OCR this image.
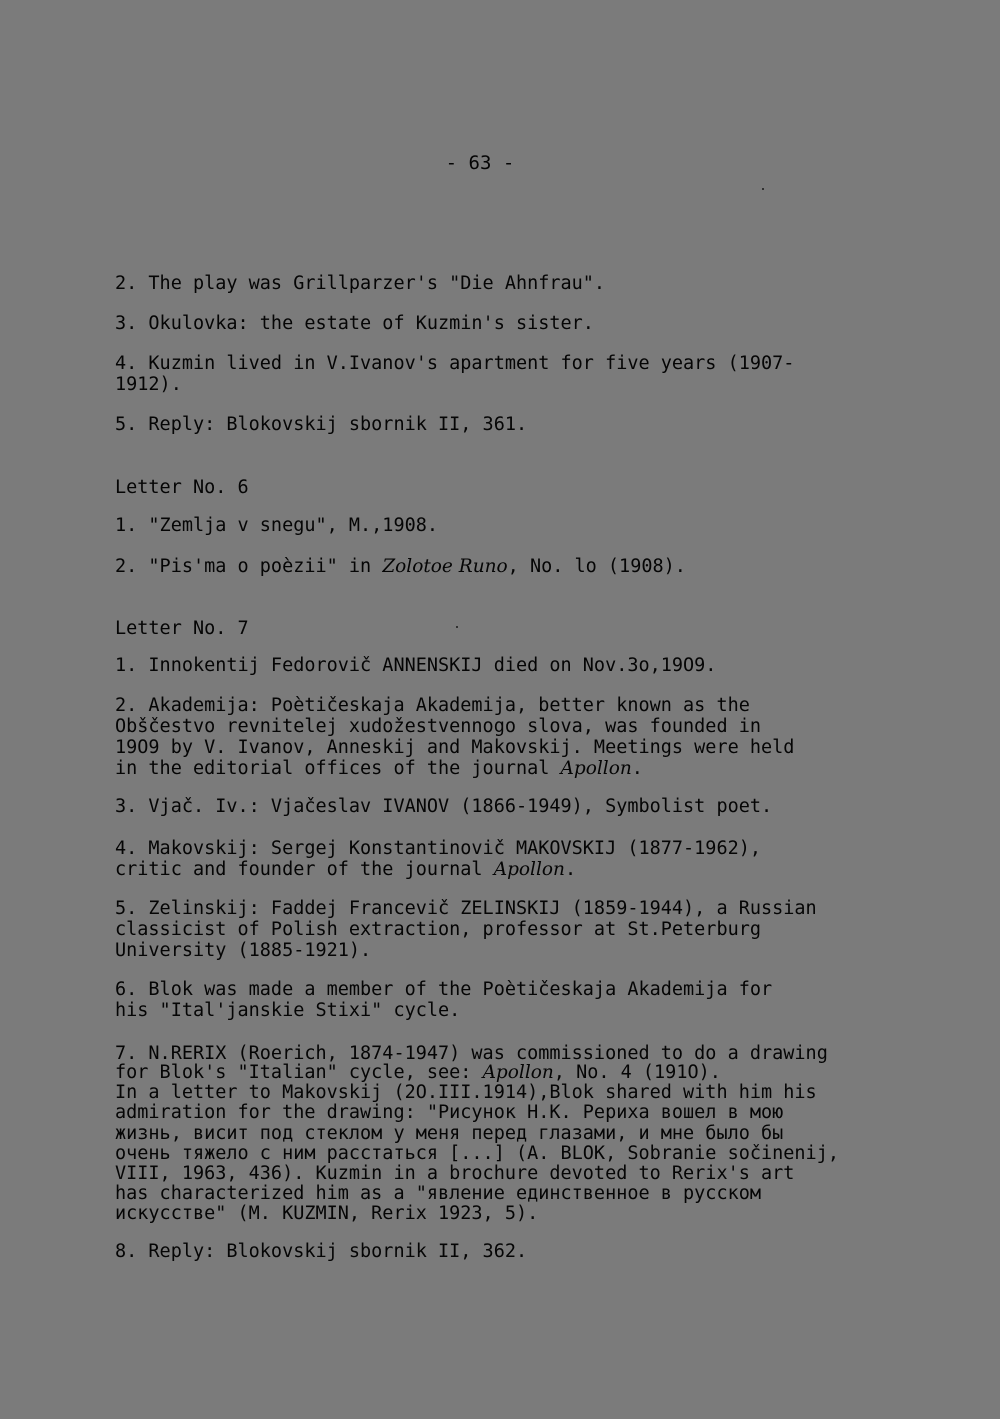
- 63 -
2. The play was Grillparzer's "Die Ahnfrau".
3. Okulovka: the estate of Kuzmin's sister.
4. Kuzmin lived in V.Ivanov's apartment for five years (1907-
1912).
5. Reply: Blokovskij sbornik II, 361.
Letter No. 6
1. "Zemlja v snegu", M.,1908.
2. "Pis'ma o poèzii" in Zolotoe Runo, No. lo (1908).
Letter No. 7
1. Innokentij Fedorovič ANNENSKIJ died on Nov.3o,19O9.
2. Akademija: Poètičeskaja Akademija, better known as the
Obščestvo revnitelej xudožestvennogo slova, was founded in
19O9 by V. Ivanov, Anneskij and Makovskij. Meetings were held
in the editorial offices of the journal Apollon.
3. Vjač. Iv.: Vjačeslav IVANOV (1866-1949), Symbolist poet.
4. Makovskij: Sergej Konstantinovič MAKOVSKIJ (1877-1962),
critic and founder of the journal Apollon.
5. Zelinskij: Faddej Francevič ZELINSKIJ (1859-1944), a Russian
classicist of Polish extraction, professor at St.Peterburg
University (1885-1921).
6. Blok was made a member of the Poètičeskaja Akademija for
his "Ital'janskie Stixi" cycle.
7. N.RERIX (Roerich, 1874-1947) was commissioned to do a drawing
for Blok's "Italian" cycle, see: Apollon, No. 4 (191O).
In a letter to Makovskij (2O.III.1914),Blok shared with him his
admiration for the drawing: "Рисунок Н.К. Рериха вошел в мою
жизнь, висит под стеклом у меня перед глазами, и мне было бы
очень тяжело с ним расстаться [...] (A. BLOK, Sobranie sočinenij,
VIII, 1963, 436). Kuzmin in a brochure devoted to Rerix's art
has characterized him as a "явление единственное в русском
искусстве" (M. KUZMIN, Rerix 1923, 5).
8. Reply: Blokovskij sbornik II, 362.
